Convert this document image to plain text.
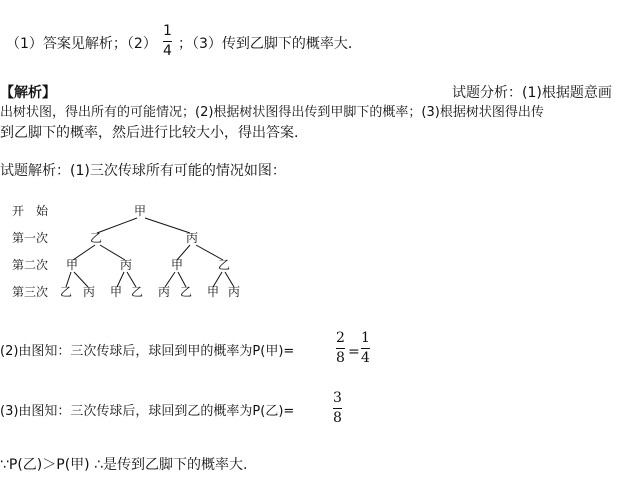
（1）答案见解析；（2）
1
4 ；（3）传到乙脚下的概率大．
【解析】	试题分析：(1)根据题意画
出树状图，得出所有的可能情况；(2)根据树状图得出传到甲脚下的概率；(3)根据树状图得出传
到乙脚下的概率，然后进行比较大小，得出答案.
试题解析：(1)三次传球所有可能的情况如图：
开　始
第一次
第二次
第三次
甲
乙	丙
甲	丙	甲	乙
乙 丙 甲 乙 丙 乙 甲 丙
(2)由图知：三次传球后，球回到甲的概率为P(甲)=
2
8 =
1
4
(3)由图知：三次传球后，球回到乙的概率为P(乙)=
3
8
∵P(乙)＞P(甲) ∴是传到乙脚下的概率大.
